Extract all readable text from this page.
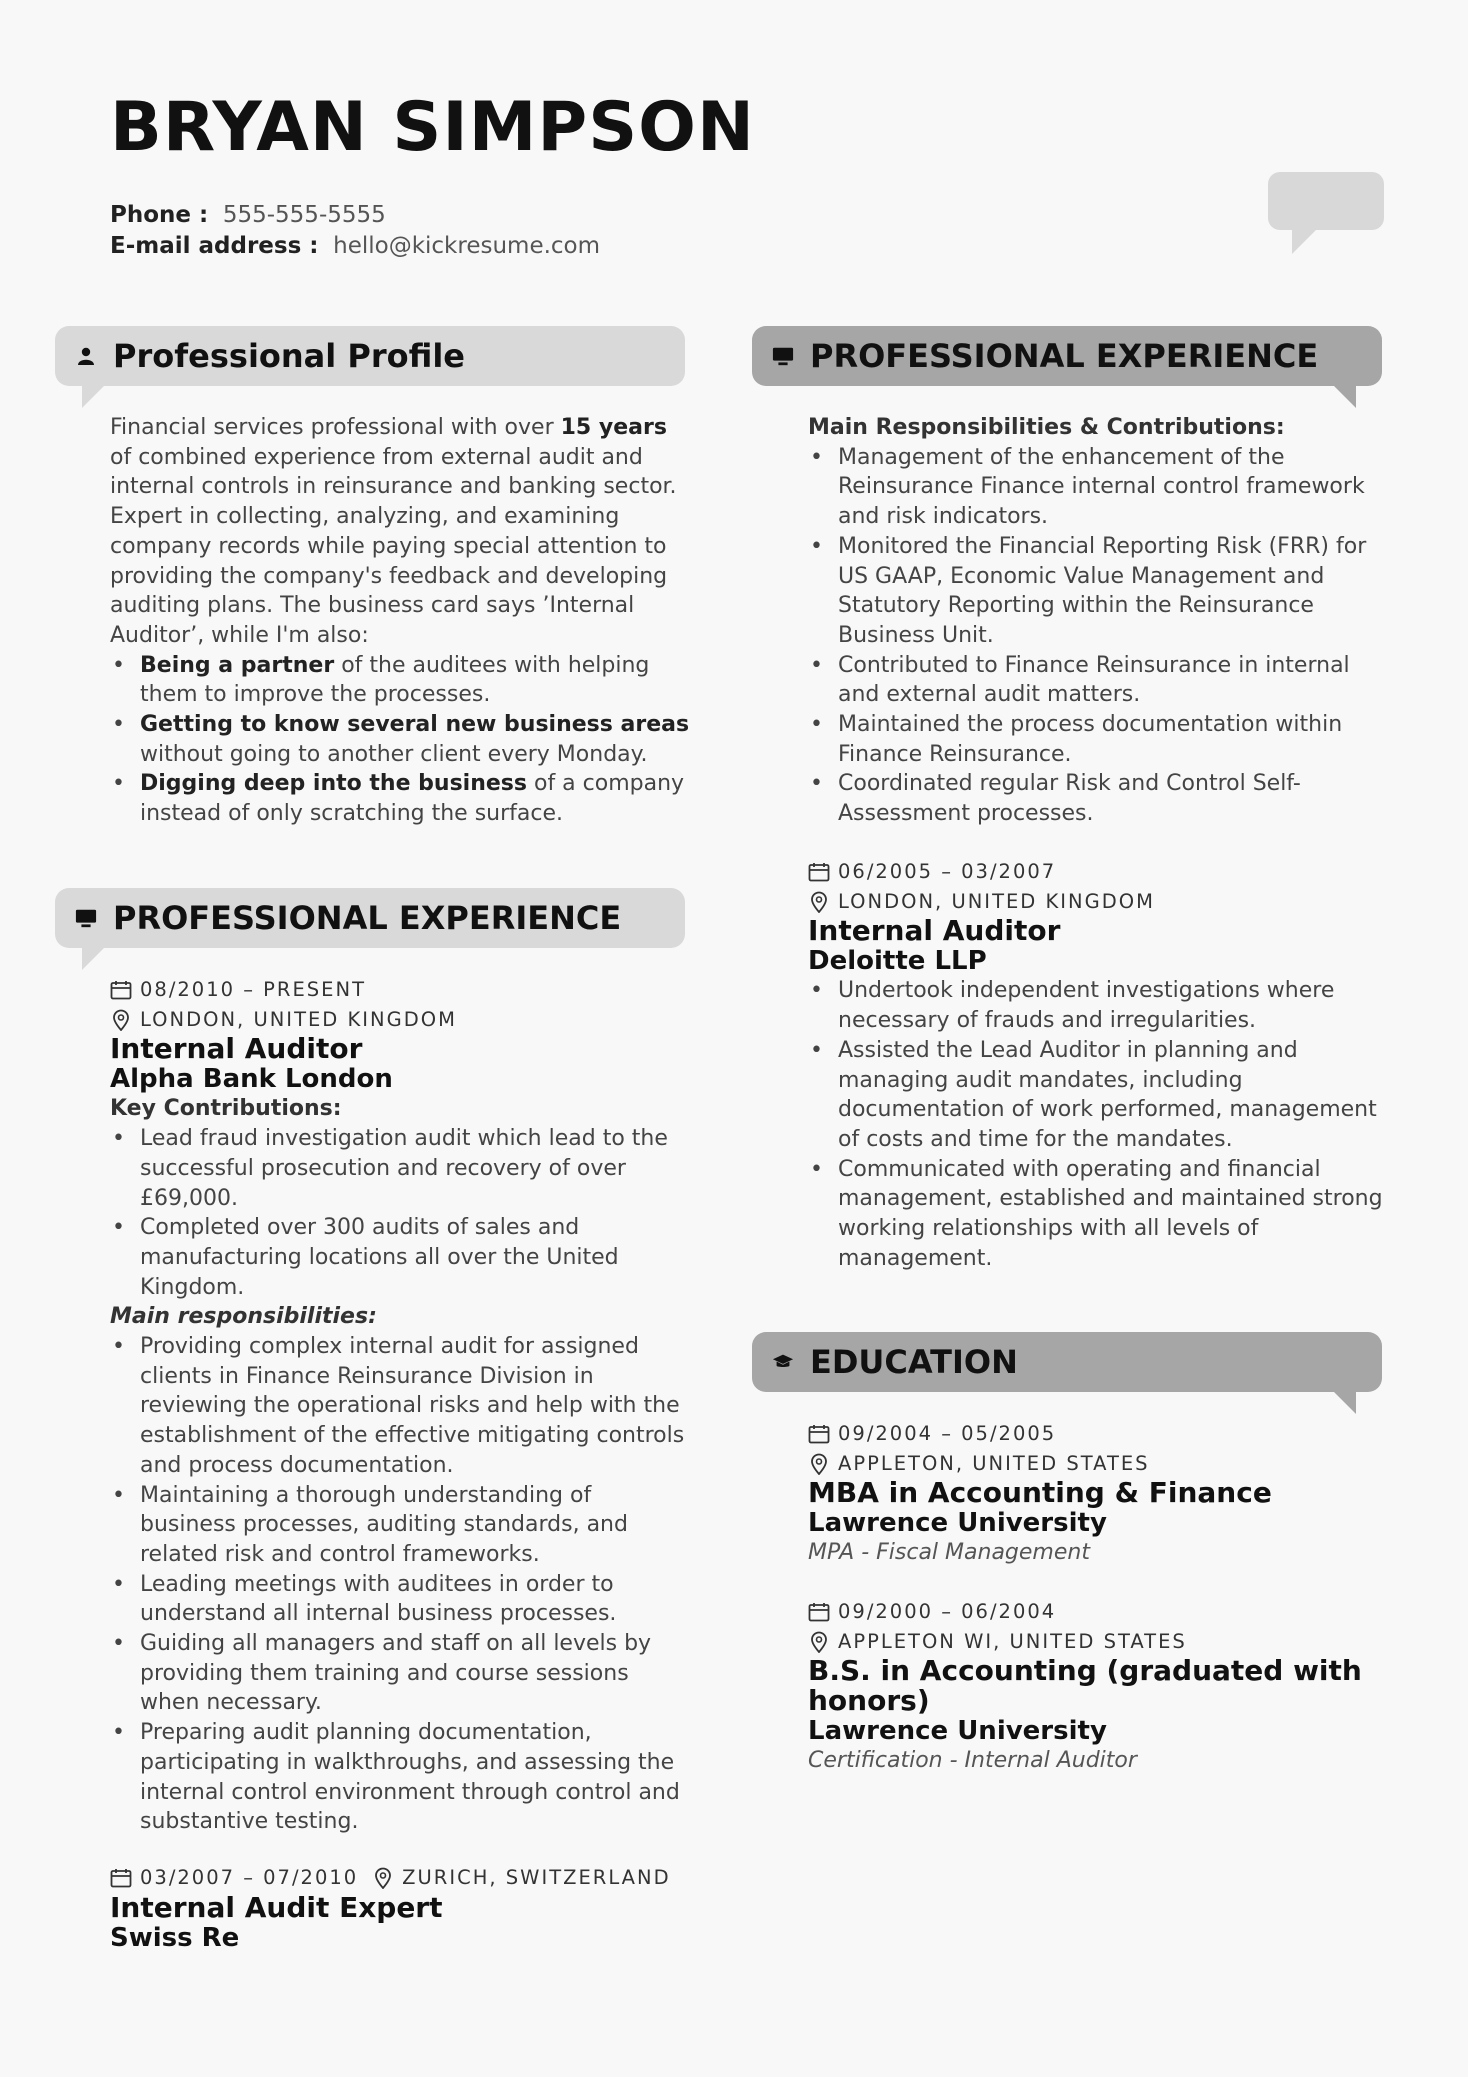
BRYAN SIMPSON
Phone : 555-555-5555
E-mail address : hello@kickresume.com
Professional Profile
Financial services professional with over 15 years of combined experience from external audit and internal controls in reinsurance and banking sector. Expert in collecting, analyzing, and examining company records while paying special attention to providing the company's feedback and developing auditing plans. The business card says ’Internal Auditor’, while I'm also:
• Being a partner of the auditees with helping them to improve the processes.
• Getting to know several new business areas without going to another client every Monday.
• Digging deep into the business of a company instead of only scratching the surface.
PROFESSIONAL EXPERIENCE
08/2010 – PRESENT
LONDON, UNITED KINGDOM
Internal Auditor
Alpha Bank London
Key Contributions:
• Lead fraud investigation audit which lead to the successful prosecution and recovery of over £69,000.
• Completed over 300 audits of sales and manufacturing locations all over the United Kingdom.
Main responsibilities:
• Providing complex internal audit for assigned clients in Finance Reinsurance Division in reviewing the operational risks and help with the establishment of the effective mitigating controls and process documentation.
• Maintaining a thorough understanding of business processes, auditing standards, and related risk and control frameworks.
• Leading meetings with auditees in order to understand all internal business processes.
• Guiding all managers and staff on all levels by providing them training and course sessions when necessary.
• Preparing audit planning documentation, participating in walkthroughs, and assessing the internal control environment through control and substantive testing.
03/2007 – 07/2010 ZURICH, SWITZERLAND
Internal Audit Expert
Swiss Re
PROFESSIONAL EXPERIENCE
Main Responsibilities & Contributions:
• Management of the enhancement of the Reinsurance Finance internal control framework and risk indicators.
• Monitored the Financial Reporting Risk (FRR) for US GAAP, Economic Value Management and Statutory Reporting within the Reinsurance Business Unit.
• Contributed to Finance Reinsurance in internal and external audit matters.
• Maintained the process documentation within Finance Reinsurance.
• Coordinated regular Risk and Control Self-Assessment processes.
06/2005 – 03/2007
LONDON, UNITED KINGDOM
Internal Auditor
Deloitte LLP
• Undertook independent investigations where necessary of frauds and irregularities.
• Assisted the Lead Auditor in planning and managing audit mandates, including documentation of work performed, management of costs and time for the mandates.
• Communicated with operating and financial management, established and maintained strong working relationships with all levels of management.
EDUCATION
09/2004 – 05/2005
APPLETON, UNITED STATES
MBA in Accounting & Finance
Lawrence University
MPA - Fiscal Management
09/2000 – 06/2004
APPLETON WI, UNITED STATES
B.S. in Accounting (graduated with honors)
Lawrence University
Certification - Internal Auditor
